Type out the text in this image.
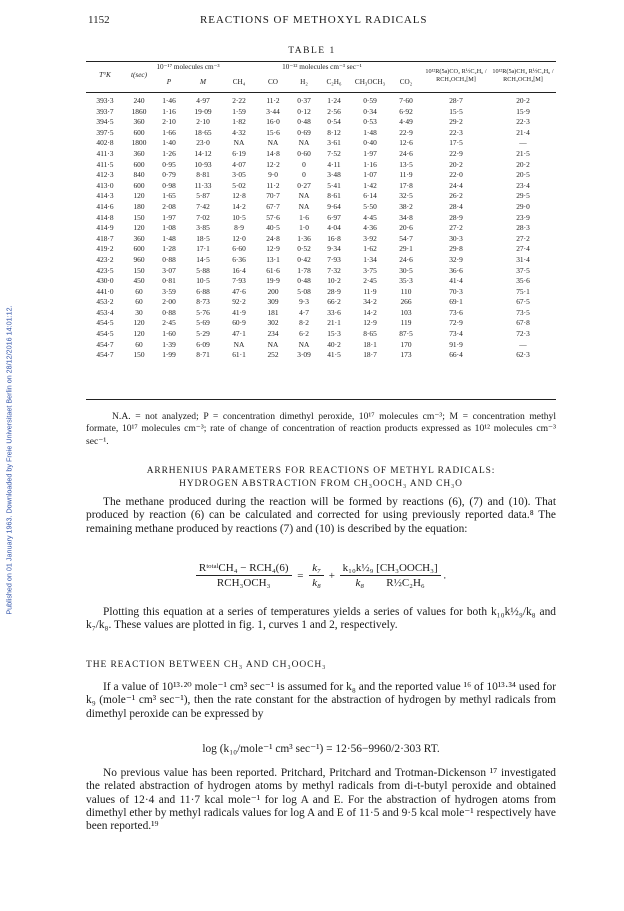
Published on 01 January 1963. Downloaded by Freie Universitaet Berlin on 28/12/2016 14:01:12.
1152	REACTIONS OF METHOXYL RADICALS
TABLE 1
T°K	t(sec)	10⁻¹⁷ molecules cm⁻³		10⁻¹² molecules cm⁻³ sec⁻¹						10¹²R(5a)CO₂ R½C₂H₆ / RCH₃OCH₃[M]	10¹²R(5a)CH₄ R½C₂H₆ / RCH₃OCH₃[M]
		P	M	CH₄	CO	H₂	C₂H₆	CH₃OCH₃	CO₂		

393·3	240	1·46	4·97	2·22	11·2	0·37	1·24	0·59	7·60	28·7	20·2
393·7	1860	1·16	19·09	1·59	3·44	0·12	2·56	0·34	6·92	15·5	15·9
394·5	360	2·10	2·10	1·82	16·0	0·48	0·54	0·53	4·49	29·2	22·3
397·5	600	1·66	18·65	4·32	15·6	0·69	8·12	1·48	22·9	22·3	21·4
402·8	1800	1·40	23·0	NA	NA	NA	3·61	0·40	12·6	17·5	—
411·3	360	1·26	14·12	6·19	14·8	0·60	7·52	1·97	24·6	22·9	21·5
411·5	600	0·95	10·93	4·07	12·2	0	4·11	1·16	13·5	20·2	20·2
412·3	840	0·79	8·81	3·05	9·0	0	3·48	1·07	11·9	22·0	20·5
413·0	600	0·98	11·33	5·02	11·2	0·27	5·41	1·42	17·8	24·4	23·4
414·3	120	1·65	5·87	12·8	70·7	NA	8·61	6·14	32·5	26·2	29·5
414·6	180	2·08	7·42	14·2	67·7	NA	9·64	5·50	38·2	28·4	29·0
414·8	150	1·97	7·02	10·5	57·6	1·6	6·97	4·45	34·8	28·9	23·9
414·9	120	1·08	3·85	8·9	40·5	1·0	4·04	4·36	20·6	27·2	28·3
418·7	360	1·48	18·5	12·0	24·8	1·36	16·8	3·92	54·7	30·3	27·2
419·2	600	1·28	17·1	6·60	12·9	0·52	9·34	1·62	29·1	29·8	27·4
423·2	960	0·88	14·5	6·36	13·1	0·42	7·93	1·34	24·6	32·9	31·4
423·5	150	3·07	5·88	16·4	61·6	1·78	7·32	3·75	30·5	36·6	37·5
430·0	450	0·81	10·5	7·93	19·9	0·48	10·2	2·45	35·3	41·4	35·6
441·0	60	3·59	6·88	47·6	200	5·08	28·9	11·9	110	70·3	75·1
453·2	60	2·00	8·73	92·2	309	9·3	66·2	34·2	266	69·1	67·5
453·4	30	0·88	5·76	41·9	181	4·7	33·6	14·2	103	73·6	73·5
454·5	120	2·45	5·69	60·9	302	8·2	21·1	12·9	119	72·9	67·8
454·5	120	1·60	5·29	47·1	234	6·2	15·3	8·65	87·5	73·4	72·3
454·7	60	1·39	6·09	NA	NA	NA	40·2	18·1	170	91·9	—
454·7	150	1·99	8·71	61·1	252	3·09	41·5	18·7	173	66·4	62·3

N.A. = not analyzed; P = concentration dimethyl peroxide, 10¹⁷ molecules cm⁻³; M = concentration methyl formate, 10¹⁷ molecules cm⁻³; rate of change of concentration of reaction products expressed as 10¹² molecules cm⁻³ sec⁻¹.

ARRHENIUS PARAMETERS FOR REACTIONS OF METHYL RADICALS:
HYDROGEN ABSTRACTION FROM CH₃OOCH₃ AND CH₃O

The methane produced during the reaction will be formed by reactions (6), (7) and (10). That produced by reaction (6) can be calculated and corrected for using previously reported data.⁸ The remaining methane produced by reactions (7) and (10) is described by the equation:

$\frac{\text{RᵗᵒᵗᵃˡCH₄ − RCH₄(6)}}{\text{RCH₃OCH₃}} = \frac{\text{k₇}}{\text{k₈}} + \frac{\text{k₁₀k½₉ [CH₃OOCH₃]}}{\text{k₈ R½C₂H₆}}$ .

Plotting this equation at a series of temperatures yields a series of values for both k₁₀k½₉/k₈ and k₇/k₈. These values are plotted in fig. 1, curves 1 and 2, respectively.

THE REACTION BETWEEN CH₃ AND CH₃OOCH₃

If a value of 10¹³·²⁰ mole⁻¹ cm³ sec⁻¹ is assumed for k₈ and the reported value ¹⁶ of 10¹³·³⁴ used for k₉ (mole⁻¹ cm³ sec⁻¹), then the rate constant for the abstraction of hydrogen by methyl radicals from dimethyl peroxide can be expressed by

log (k₁₀/mole⁻¹ cm³ sec⁻¹) = 12·56−9960/2·303 RT.

No previous value has been reported. Pritchard, Pritchard and Trotman-Dickenson ¹⁷ investigated the related abstraction of hydrogen atoms by methyl radicals from di-t-butyl peroxide and obtained values of 12·4 and 11·7 kcal mole⁻¹ for log A and E. For the abstraction of hydrogen atoms from dimethyl ether by methyl radicals values for log A and E of 11·5 and 9·5 kcal mole⁻¹ respectively have been reported.¹⁹
